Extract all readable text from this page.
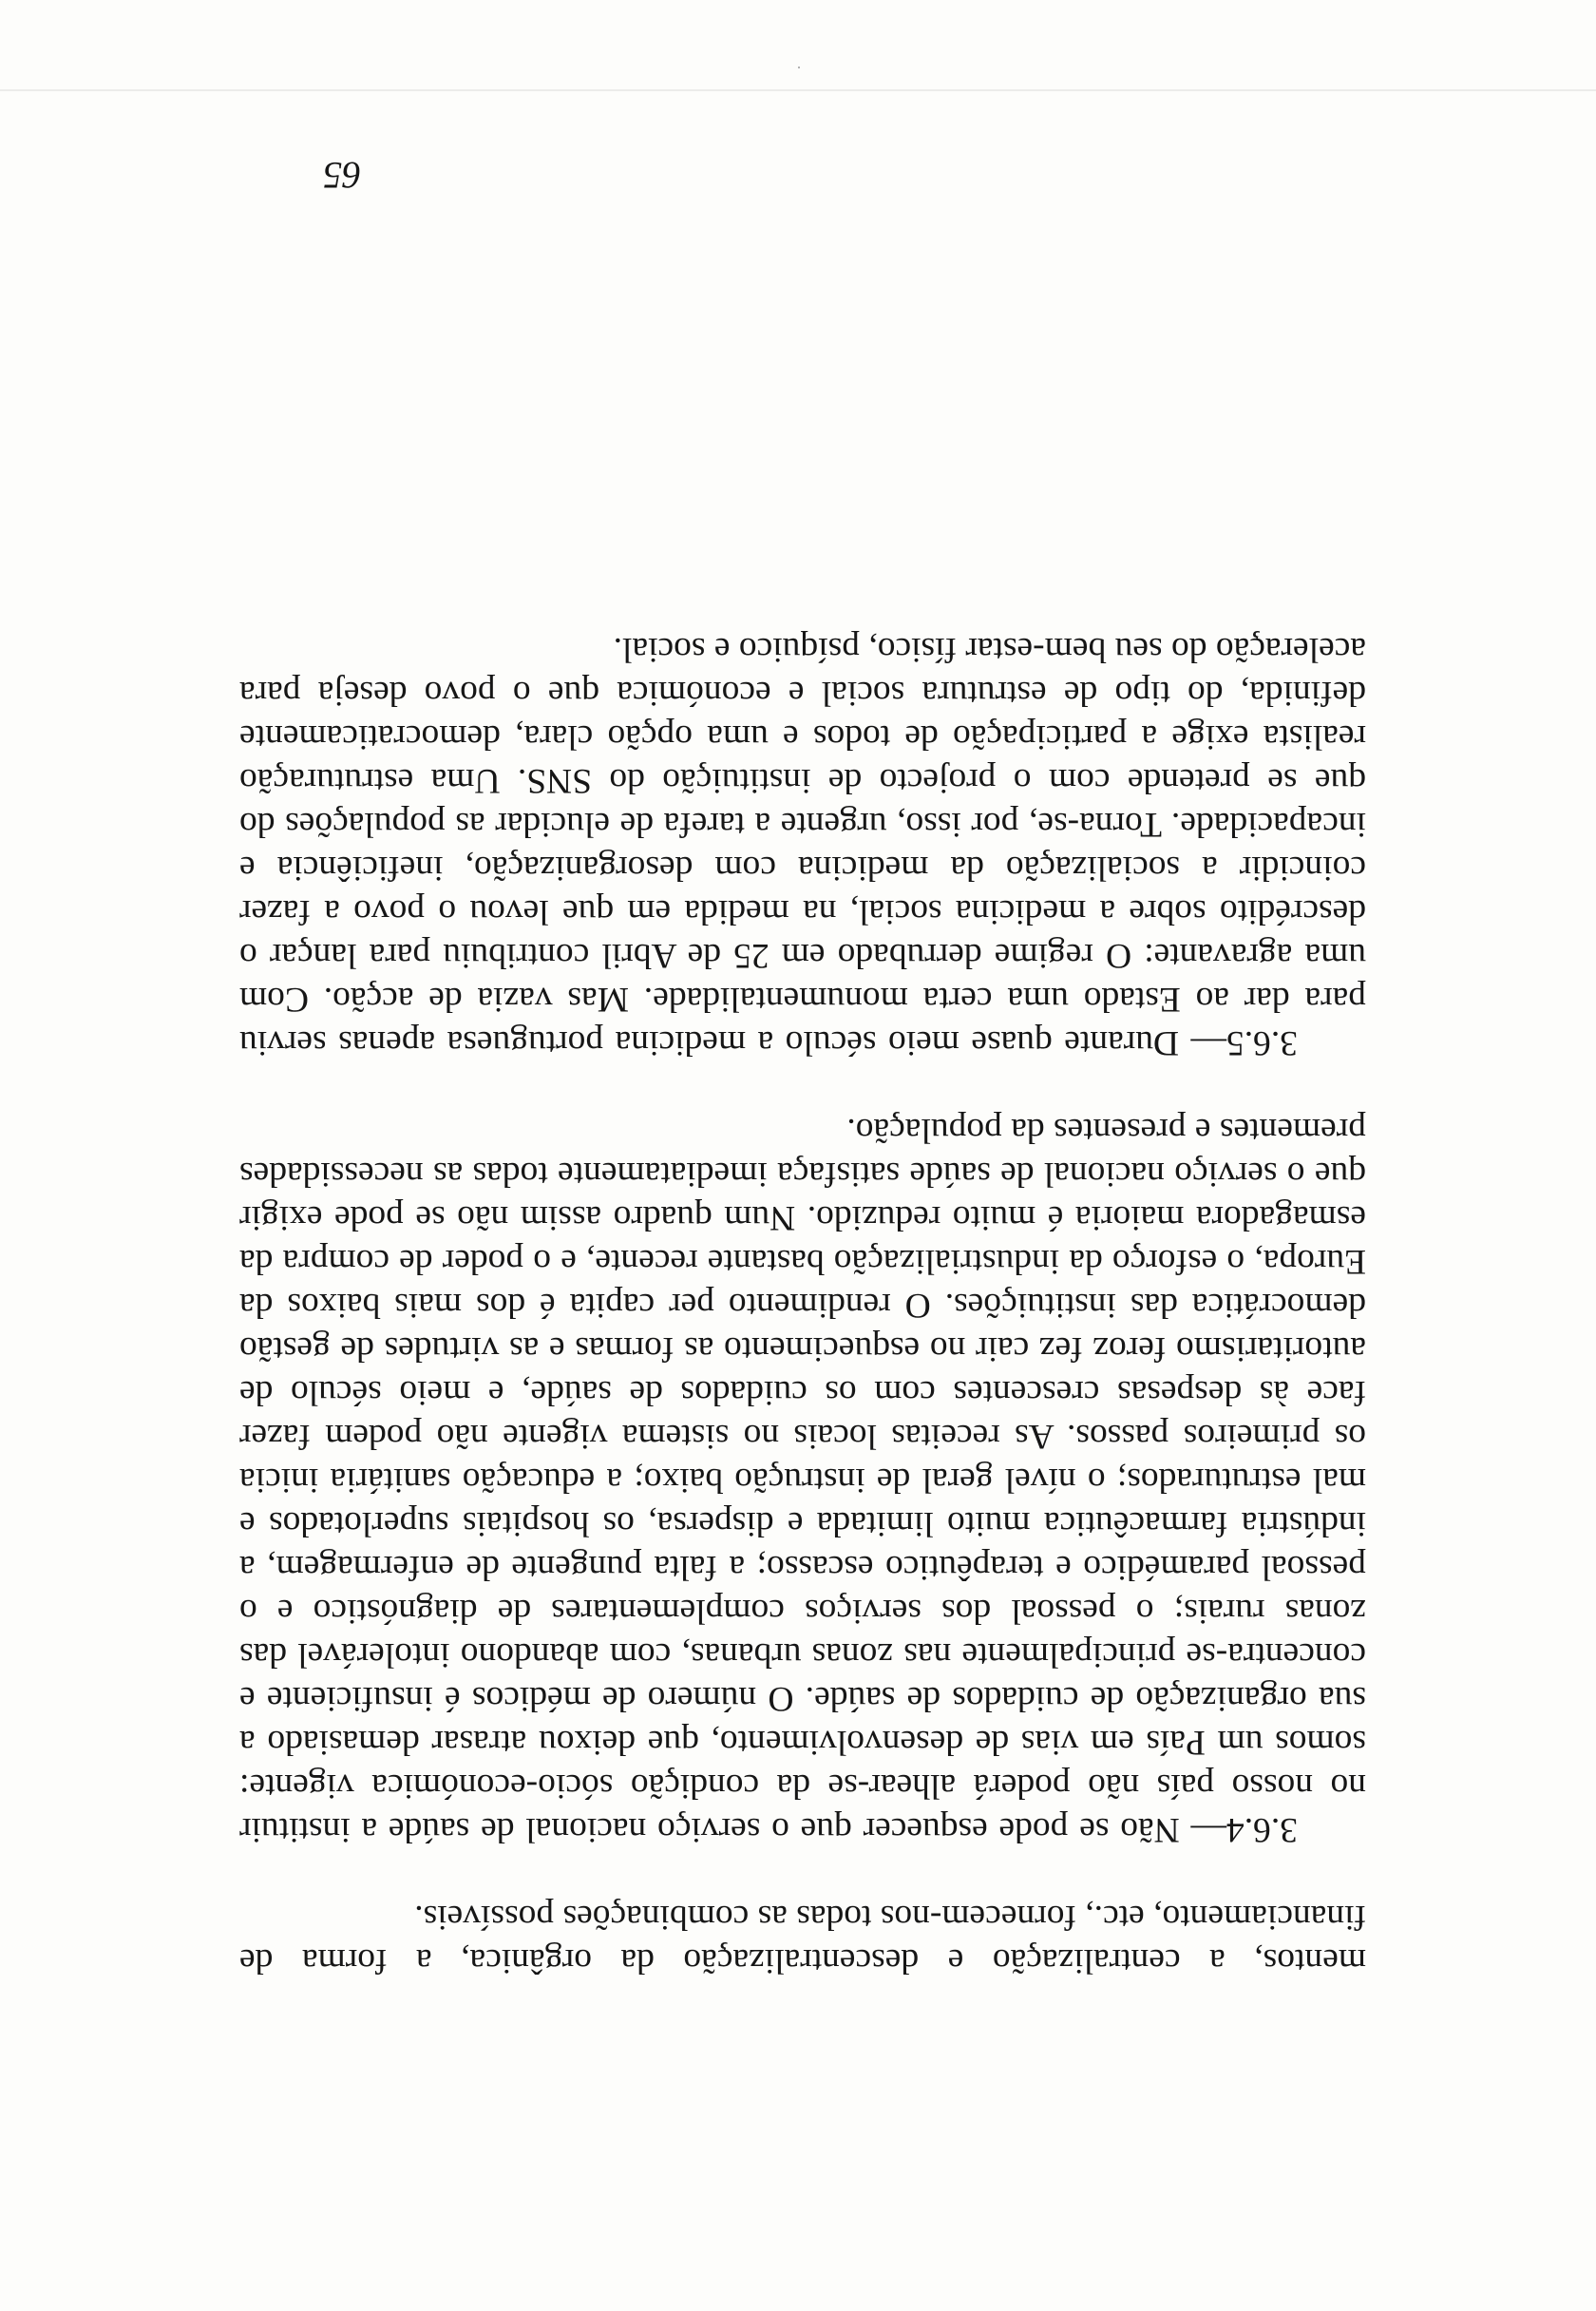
mentos, a centralização e descentralização da orgânica, a forma de financiamento, etc., fornecem-nos todas as combinações possíveis.

3.6.4— Não se pode esquecer que o serviço nacional de saúde a instituir no nosso país não poderá alhear-se da condição sócio-económica vigente: somos um País em vias de desenvolvimento, que deixou atrasar demasiado a sua organização de cuidados de saúde. O número de médicos é insuficiente e concentra-se principalmente nas zonas urbanas, com abandono intolerável das zonas rurais; o pessoal dos serviços complementares de diagnóstico e o pessoal paramédico e terapêutico escasso; a falta pungente de enfermagem, a indústria farmacêutica muito limitada e dispersa, os hospitais superlotados e mal estruturados; o nível geral de instrução baixo; a educação sanitária inicia os primeiros passos. As receitas locais no sistema vigente não podem fazer face às despesas crescentes com os cuidados de saúde, e meio século de autoritarismo feroz fez cair no esquecimento as formas e as virtudes de gestão democrática das instituições. O rendimento per capita é dos mais baixos da Europa, o esforço da industrialização bastante recente, e o poder de compra da esmagadora maioria é muito reduzido. Num quadro assim não se pode exigir que o serviço nacional de saúde satisfaça imediatamente todas as necessidades prementes e presentes da população.

3.6.5— Durante quase meio século a medicina portuguesa apenas serviu para dar ao Estado uma certa monumentalidade. Mas vazia de acção. Com uma agravante: O regime derrubado em 25 de Abril contribuiu para lançar o descrédito sobre a medicina social, na medida em que levou o povo a fazer coincidir a socialização da medicina com desorganização, ineficiência e incapacidade. Torna-se, por isso, urgente a tarefa de elucidar as populações do que se pretende com o projecto de instituição do SNS. Uma estruturação realista exige a participação de todos e uma opção clara, democraticamente definida, do tipo de estrutura social e económica que o povo deseja para aceleração do seu bem-estar físico, psíquico e social.

65
